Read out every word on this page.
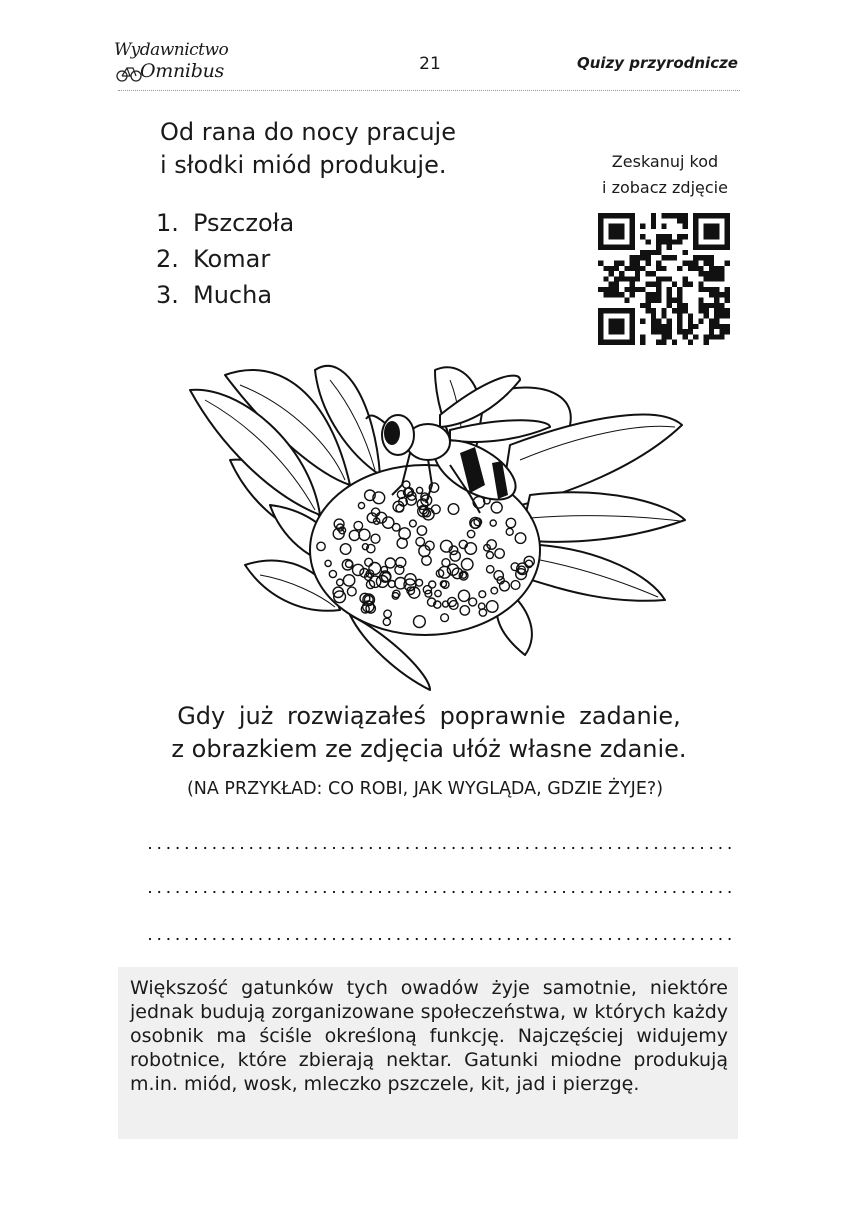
Wydawnictwo
Omnibus	21	Quizy przyrodnicze
Od rana do nocy pracuje
i słodki miód produkuje.
1. Pszczoła
2. Komar
3. Mucha
Zeskanuj kod
i zobacz zdjęcie
Gdy już rozwiązałeś poprawnie zadanie,
z obrazkiem ze zdjęcia ułóż własne zdanie.
(NA PRZYKŁAD: CO ROBI, JAK WYGLĄDA, GDZIE ŻYJE?)

Większość gatunków tych owadów żyje samotnie, niektóre jednak budują zorganizowane społeczeństwa, w których każdy osobnik ma ściśle określoną funkcję. Najczęściej widujemy robotnice, które zbierają nektar. Gatunki miodne produkują m.in. miód, wosk, mleczko pszczele, kit, jad i pierzgę.
